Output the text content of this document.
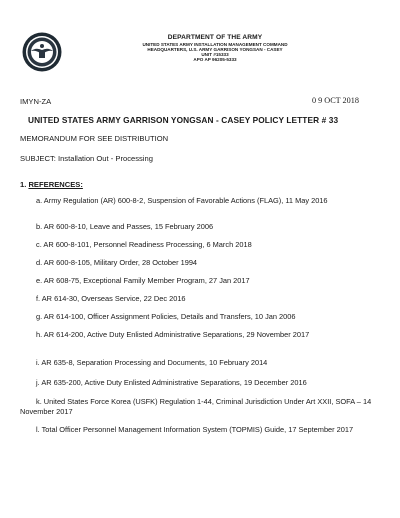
DEPARTMENT OF THE ARMY
UNITED STATES ARMY INSTALLATION MANAGEMENT COMMAND
HEADQUARTERS, U.S. ARMY GARRISON YONGSAN - CASEY
UNIT #15333
APO AP 96205-5333
IMYN-ZA	0 9 OCT 2018
UNITED STATES ARMY GARRISON YONGSAN - CASEY POLICY LETTER # 33
MEMORANDUM FOR SEE DISTRIBUTION
SUBJECT: Installation Out - Processing
1. REFERENCES:
a. Army Regulation (AR) 600-8-2, Suspension of Favorable Actions (FLAG), 11 May 2016
b. AR 600-8-10, Leave and Passes, 15 February 2006
c. AR 600-8-101, Personnel Readiness Processing, 6 March 2018
d. AR 600-8-105, Military Order, 28 October 1994
e. AR 608-75, Exceptional Family Member Program, 27 Jan 2017
f. AR 614-30, Overseas Service, 22 Dec 2016
g. AR 614-100, Officer Assignment Policies, Details and Transfers, 10 Jan 2006
h. AR 614-200, Active Duty Enlisted Administrative Separations, 29 November 2017
i. AR 635-8, Separation Processing and Documents, 10 February 2014
j. AR 635-200, Active Duty Enlisted Administrative Separations, 19 December 2016
k. United States Force Korea (USFK) Regulation 1-44, Criminal Jurisdiction Under Art XXII, SOFA – 14 November 2017
l. Total Officer Personnel Management Information System (TOPMIS) Guide, 17 September 2017
